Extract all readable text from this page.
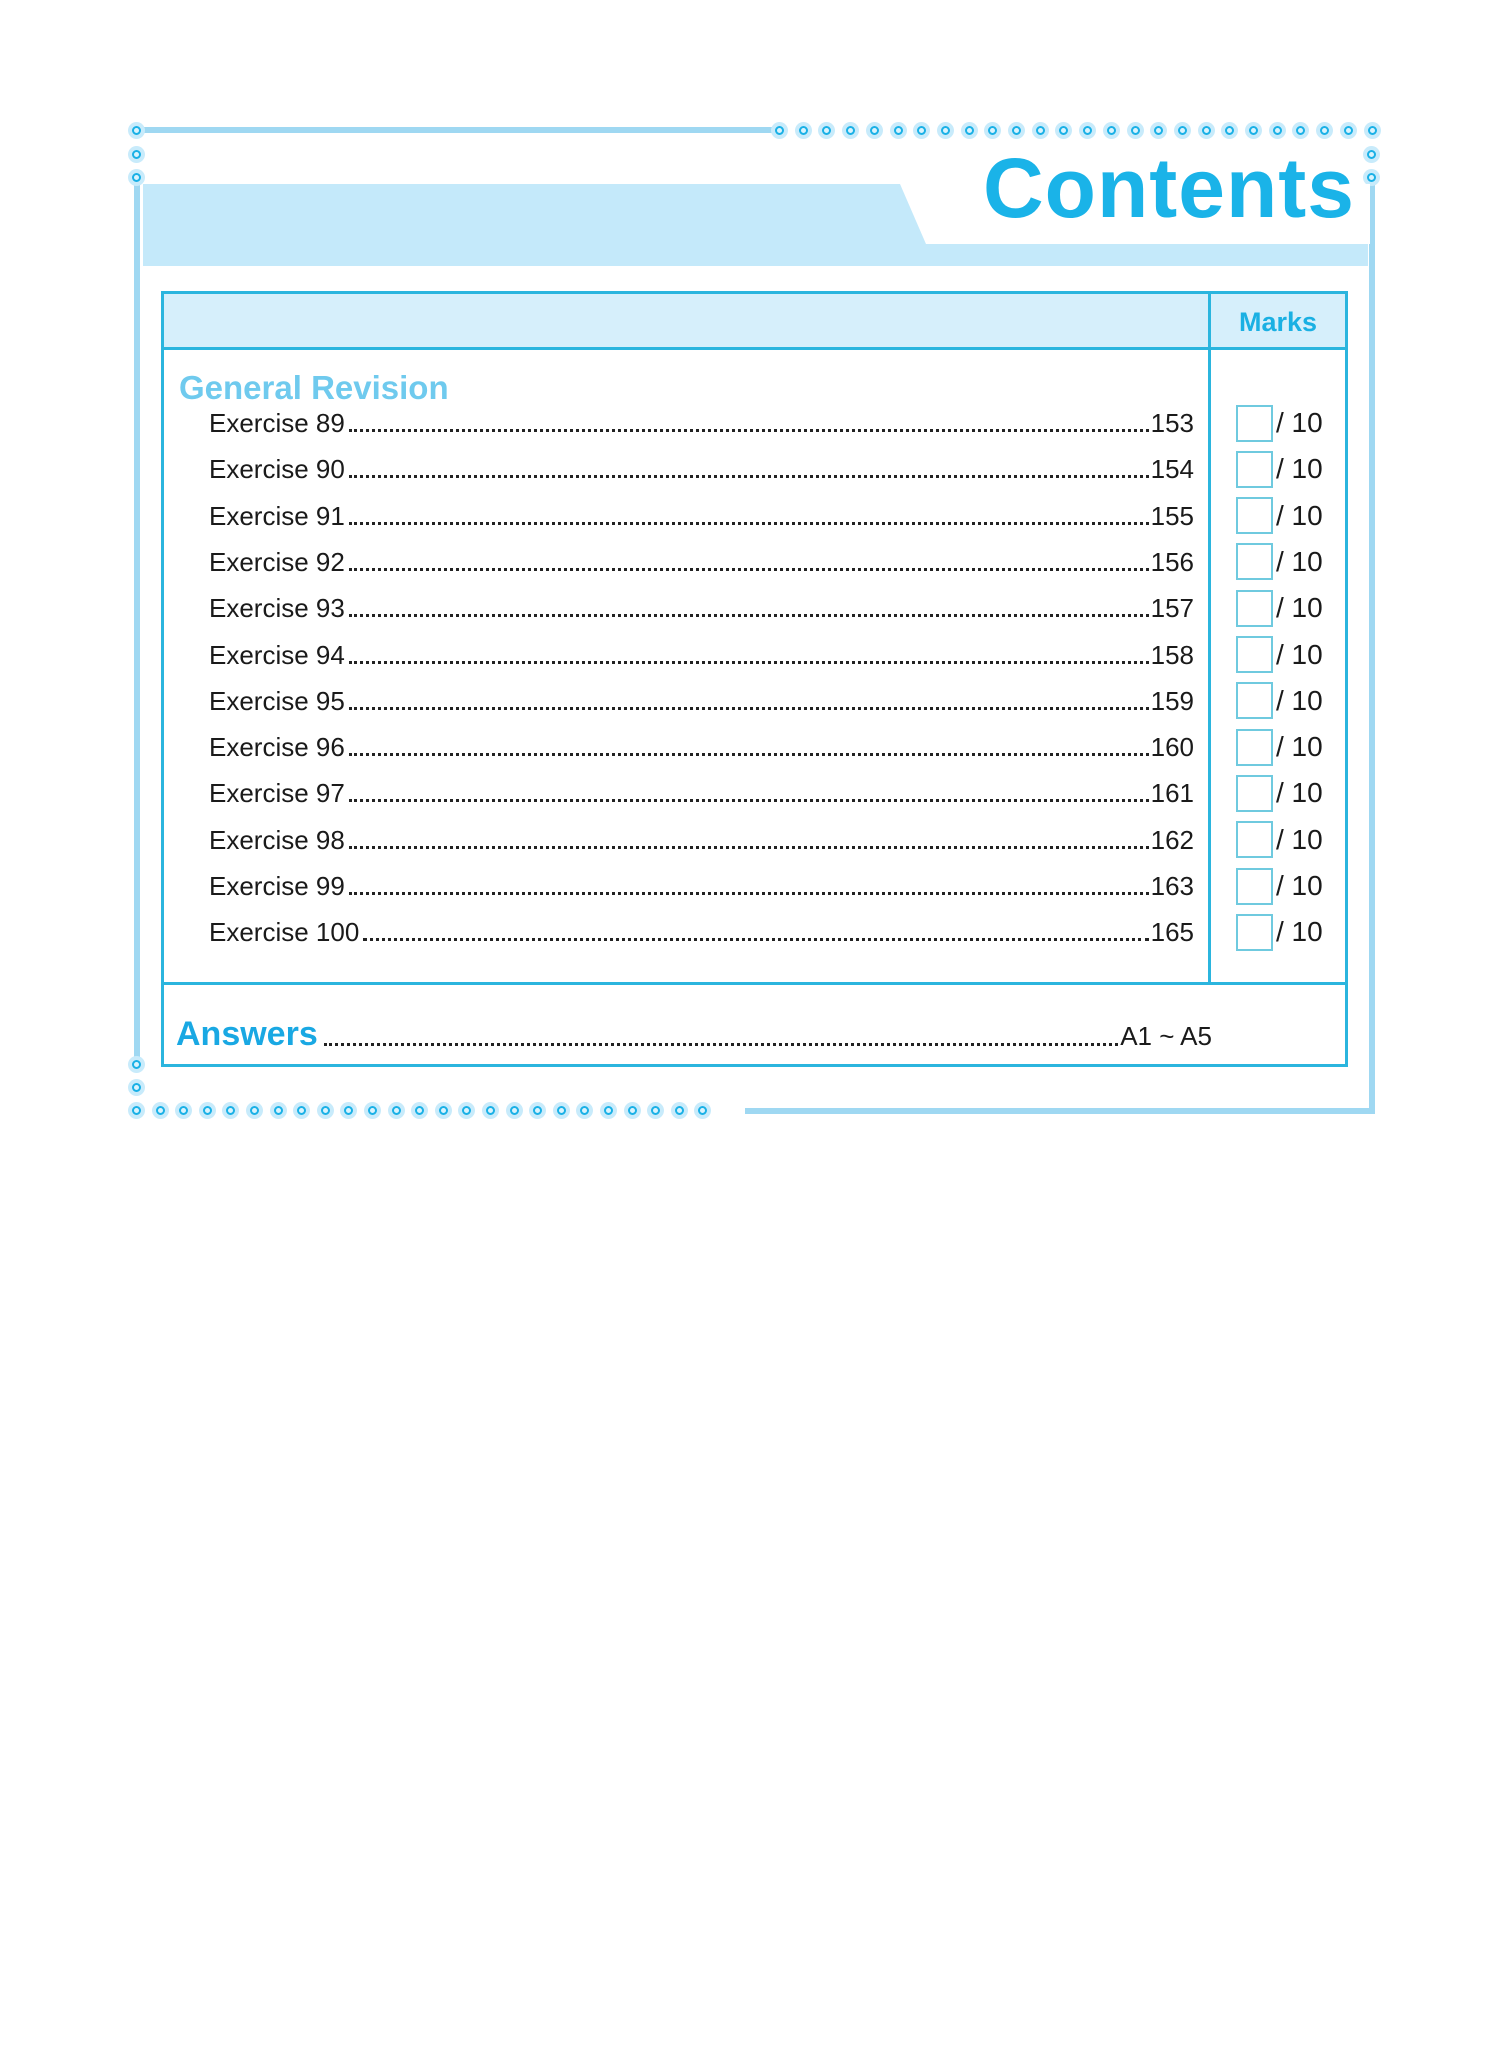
Contents
Marks
General Revision
Exercise 89	153	/ 10
Exercise 90	154	/ 10
Exercise 91	155	/ 10
Exercise 92	156	/ 10
Exercise 93	157	/ 10
Exercise 94	158	/ 10
Exercise 95	159	/ 10
Exercise 96	160	/ 10
Exercise 97	161	/ 10
Exercise 98	162	/ 10
Exercise 99	163	/ 10
Exercise 100	165	/ 10
Answers	A1 ~ A5
